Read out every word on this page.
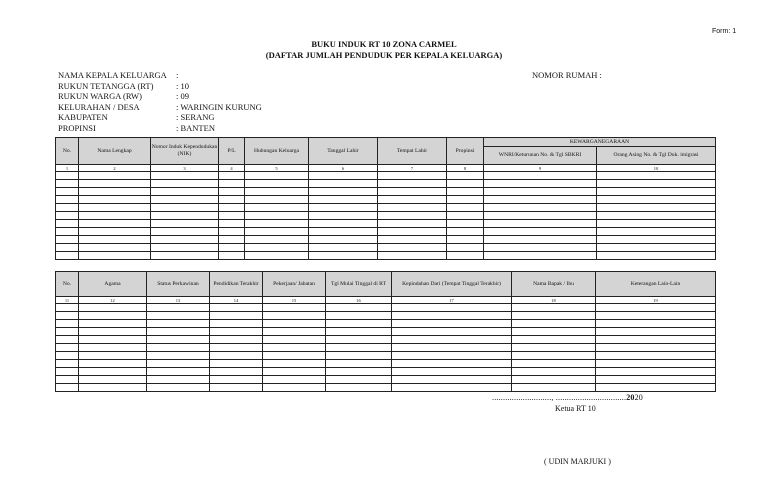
Form: 1
BUKU INDUK RT 10 ZONA CARMEL
(DAFTAR JUMLAH PENDUDUK PER KEPALA KELUARGA)
NAMA KEPALA KELUARGA	:
RUKUN TETANGGA (RT)	: 10
RUKUN WARGA (RW)	: 09
KELURAHAN / DESA	: WARINGIN KURUNG
KABUPATEN	: SERANG
PROPINSI	: BANTEN
NOMOR RUMAH :
No.	Nama Lengkap	Nomor Induk Kependudukan (NIK)	P/L	Hubungan Keluarga	Tanggal Lahir	Tempat Lahir	Propinsi	KEWARGANEGARAAN	
								WNRI/Keturunan No. & Tgl SBKRI	Orang Asing No. & Tgl Dok. imigrasi
1	2	3	4	5	6	7	8	9	10

No.	Agama	Status Perkawinan	Pendidikan Terakhir	Pekerjaan/ Jabatan	Tgl Mulai Tinggal di RT	Kepindahan Dari (Tempat Tinggal Terakhir)	Nama Bapak / Ibu	Keterangan Lain-Lain
11	12	13	14	15	16	17	18	19

..........................., ................................2020
Ketua RT 10
( UDIN MARJUKI )
